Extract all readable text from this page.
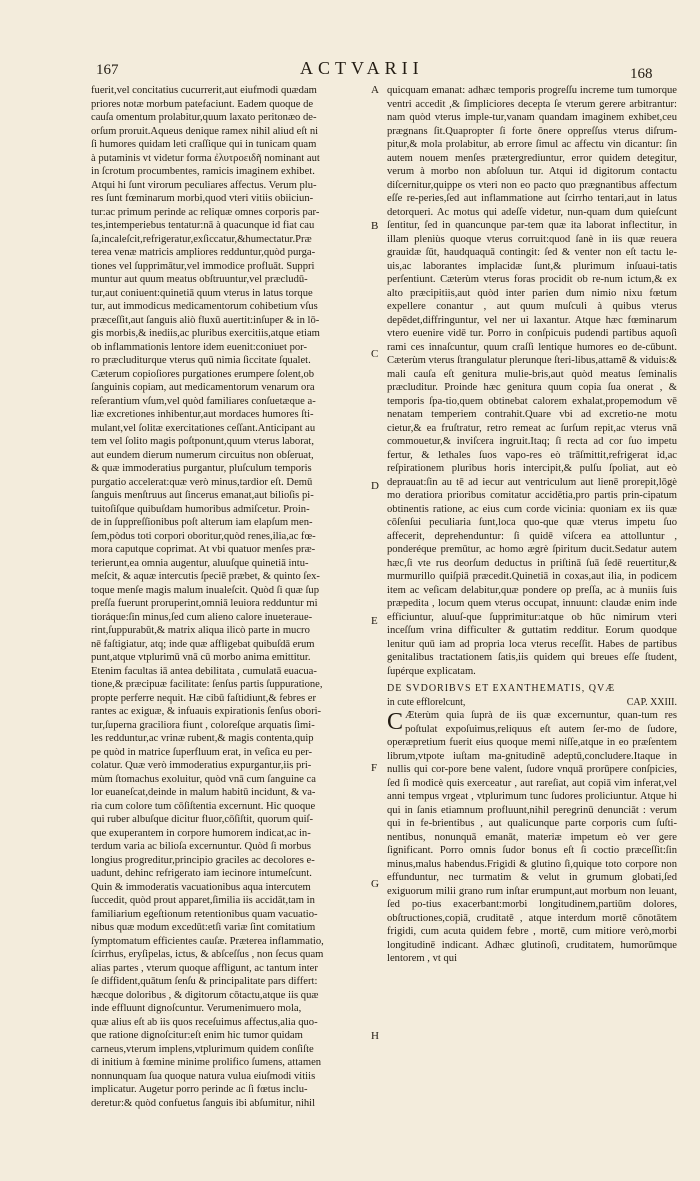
167	ACTVARII	168
fuerit,vel concitatius cucurrerit,aut eiufmodi quædam
priores notæ morbum patefaciunt. Eadem quoque de
cauſa omentum prolabitur,quum laxato peritonæo de-
orſum proruit.Aqueus denique ramex nihil aliud eſt ni
ſi humores quidam leti craſſique qui in tunicam quam
à putaminis vt videtur forma ἐλυτροειδῆ nominant aut
in ſcrotum procumbentes, ramicis imaginem exhibet.
Atqui hi ſunt virorum peculiares affectus. Verum plu-
res ſunt fœminarum morbi,quod vteri vitiis obiiciun-
tur:ac primum perinde ac reliquæ omnes corporis par-
tes,intemperiebus tentatur:nā à quacunque id fiat cau
ſa,incaleſcit,refrigeratur,exſiccatur,&humectatur.Præ
terea venæ matricis ampliores redduntur,quòd purga-
tiones vel ſupprimātur,vel immodice profluāt. Suppri
muntur aut quum meatus obſtruuntur,vel præcludū-
tur,aut coniuent:quinetiā quum vterus in latus torque
tur, aut immodicus medicamentorum cohibetium vſus
præceſſit,aut ſanguis aliò fluxū auertit:inſuper & in lō-
gis morbis,& inediis,ac pluribus exercitiis,atque etiam
ob inflammationis lentore idem euenit:coniuet por-
ro præcluditurque vterus quū nimia ſiccitate ſqualet.
Cæterum copioſiores purgationes erumpere ſolent,ob
ſanguinis copiam, aut medicamentorum venarum ora
reſerantium vſum,vel quòd familiares conſuetæque a-
liæ excretiones inhibentur,aut mordaces humores ſti-
mulant,vel ſolitæ exercitationes ceſſant.Anticipant au
tem vel ſolito magis poſtponunt,quum vterus laborat,
aut eundem dierum numerum circuitus non obſeruat,
& quæ immoderatius purgantur, pluſculum temporis
purgatio accelerat:quæ verò minus,tardior eſt. Demū
ſanguis menſtruus aut ſincerus emanat,aut bilioſis pi-
tuitoſiſque quibuſdam humoribus admiſcetur. Proin-
de in ſuppreſſionibus poſt alterum iam elapſum men-
ſem,pòdus toti corpori oboritur,quòd renes,ilia,ac fœ-
mora caputque coprimat. At vbi quatuor menſes præ-
terierunt,ea omnia augentur, aluuſque quinetiā intu-
meſcit, & aquæ intercutis ſpeciē præbet, & quinto ſex-
toque menſe magis malum inualeſcit. Quòd ſi quæ ſup
preſſa fuerunt proruperint,omniā leuiora redduntur mi
tioráque:ſin minus,ſed cum alieno calore inueteraue-
rint,ſuppurabūt,& matrix aliqua ilicò parte in mucro
nē faſtigiatur, atq; inde quæ affligebat quibuſdā erum
punt,atque vtplurimū vnā cū morbo anima emittitur.
Etenim facultas iā antea debilitata , cumulatā euacua-
tione,& præcipuæ facilitate: ſenſus partis ſuppuratione,
propte perferre nequit. Hæ cibū faſtidiunt,& febres er
rantes ac exiguæ, & infuauis expirationis ſenſus obori-
tur,ſuperna graciliora fiunt , coloreſque arquatis ſimi-
les redduntur,ac vrinæ rubent,& magis contenta,quip
pe quòd in matrice ſuperfluum erat, in veſica eu per-
colatur. Quæ verò immoderatius expurgantur,iis pri-
mùm ſtomachus exoluitur, quòd vnā cum ſanguine ca
lor euaneſcat,deinde in malum habitū incidunt, & va-
ria cum colore tum cōſiſtentia excernunt. Hic quoque
qui ruber albuſque dicitur fluor,cōſiſtit, quorum quiſ-
que exuperantem in corpore humorem indicat,ac in-
terdum varia ac bilioſa excernuntur. Quòd ſi morbus
longius progreditur,principio graciles ac decolores e-
uadunt, dehinc refrigerato iam iecinore intumeſcunt.
Quin & immoderatis vacuationibus aqua intercutem
ſuccedit, quòd prout apparet,ſimilia iis accidāt,tam in
familiarium egeſtionum retentionibus quam vacuatio-
nibus quæ modum excedūt:etſi variæ ſint comitatium
ſymptomatum efficientes cauſæ. Præterea inflammatio,
ſcirrhus, eryſipelas, ictus, & abſceſſus , non ſecus quam
alias partes , vterum quoque affligunt, ac tantum inter
ſe diffident,quātum ſenſu & principalitate pars differt:
hæcque doloribus , & digitorum cōtactu,atque iis quæ
inde effluunt dignoſcuntur. Verumenimuero mola,
quæ alius eſt ab iis quos receſuimus affectus,alia quo-
que ratione dignoſcitur:eſt enim hic tumor quidam
carneus,vterum implens,vtplurimum quidem conſiſte
di initium à fœmine minime prolifico ſumens, attamen
nonnunquam ſua quoque natura vulua eiuſmodi vitiis
implicatur. Augetur porro perinde ac ſi fœtus inclu-
deretur:& quòd confuetus ſanguis ibi abſumitur, nihil

quicquam emanat: adhæc temporis progreſſu increme tum tumorque ventri accedit ,& ſimpliciores decepta ſe vterum gerere arbitrantur: nam quòd vterus imple-tur,vanam quandam imaginem exhibet,ceu prægnans ſit.Quapropter ſi forte ōnere oppreſſus vterus diſrum-pitur,& mola prolabitur, ab errore ſimul ac affectu vin dicantur: ſin autem nouem menſes prætergrediuntur, error quidem detegitur, verum à morbo non abſoluun tur. Atqui id digitorum contactu diſcernitur,quippe os vteri non eo pacto quo prægnantibus affectum eſſe re-peries,ſed aut inflammatione aut ſcirrho tentari,aut in latus detorqueri. Ac motus qui adeſſe videtur, nun-quam dum quieſcunt ſentitur, ſed in quancunque par-tem quæ ita laborat inflectitur, in illam pleniùs quoque vterus corruit:quod ſanè in iis quæ reuera grauidæ ſūt, haudquaquā contingit: ſed & venter non eſt tactu le-uis,ac laborantes implacidæ ſunt,& plurimum inſuaui-tatis perſentiunt. Cæterùm vterus foras procidit ob re-num ictum,& ex alto præcipitiis,aut quòd inter parien dum nimio nixu fœtum expellere conantur , aut quum muſculi à quibus vterus depēdet,diffringuntur, vel ner ui laxantur. Atque hæc fœminarum vtero euenire vidē tur. Porro in conſpicuis pudendi partibus aquoſi rami ces innaſcuntur, quum craſſi lentique humores eo de-cūbunt. Cæterùm vterus ſtrangulatur plerunque ſteri-libus,attamē & viduis:& mali cauſa eſt genitura mulie-bris,aut quòd meatus ſeminalis præcluditur. Proinde hæc genitura quum copia ſua onerat , & temporis ſpa-tio,quem obtinebat calorem exhalat,propemodum vē nenatam temperiem contrahit.Quare vbi ad excretio-ne motu cietur,& ea fruſtratur, retro remeat ac ſurſum repit,ac vterus vnā commouetur,& inviſcera ingruit.Itaq; ſi recta ad cor ſuo impetu fertur, & lethales ſuos vapo-res eò trāſmittit,refrigerat id,ac reſpirationem pluribus horis intercipit,& pulſu ſpoliat, aut eò deprauat:ſin au tē ad iecur aut ventriculum aut lienē prorepit,lōgè mo deratiora prioribus comitatur accidētia,pro partis prin-cipatum obtinentis ratione, ac eius cum corde vicinia: quoniam ex iis quæ cōſenſui peculiaria ſunt,loca quo-que quæ vterus impetu ſuo affecerit, deprehenduntur: ſi quidē viſcera ea attolluntur , ponderéque premūtur, ac homo ægrè ſpiritum ducit.Sedatur autem hæc,ſi vte rus deorſum deductus in priſtinā ſuā ſedē reuertitur,& murmurillo quiſpiā præcedit.Quinetiā in coxas,aut ilia, in podicem item ac veſicam delabitur,quæ pondere op preſſa, ac à muniis ſuis præpedita , locum quem vterus occupat, innuunt: claudæ enim inde efficiuntur, aluuſ-que ſupprimitur:atque ob hūc nimirum vteri inceſſum vrina difficulter & guttatim redditur. Eorum quodque lenitur quū iam ad propria loca vterus receſſit. Habes de partibus genitalibus tractationem ſatis,iis quidem qui breues eſſe ſtudent, ſupérque explicatam.

DE SVDORIBVS ET EXANTHEMATIS, QVÆ
in cute efflorelcunt,	CAP. XXIII.

C Æterùm quia ſuprà de iis quæ excernuntur, quan-tum res poſtulat expoſuimus,reliquus eſt autem ſer-mo de ſudore, operæpretium fuerit eius quoque memi niſſe,atque in eo præſentem librum,vtpote iuſtam ma-gnitudinē adeptū,concludere.Itaque in nullis qui cor-pore bene valent, ſudore vnquā prorūpere conſpicies, ſed ſi modicè quis exerceatur , aut rareſiat, aut copiā vim inferat,vel anni tempus vrgeat , vtplurimum tunc ſudores proliciuntur. Atque hi qui in ſanis etiamnum profluunt,nihil peregrinū denunciāt : verum qui in fe-brientibus , aut qualicunque parte corporis cum ſuſti-nentibus, nonunquā emanāt, materiæ impetum eò ver gere ſignificant. Porro omnis ſudor bonus eſt ſi coctio præceſſit:ſin minus,malus habendus.Frigidi & glutino ſi,quique toto corpore non effunduntur, nec turmatim & velut in grumum globati,ſed exiguorum milii grano rum inſtar erumpunt,aut morbum non leuant, ſed po-tius exacerbant:morbi longitudinem,partiūm dolores, obſtructiones,copiā, cruditatē , atque interdum mortē cōnotātem frigidi, cum acuta quidem febre , mortē, cum mitiore verò,morbi longitudinē indicant. Adhæc glutinoſi, cruditatem, humorūmque lentorem , vt qui

A
B
C
D
E
F
G
H
